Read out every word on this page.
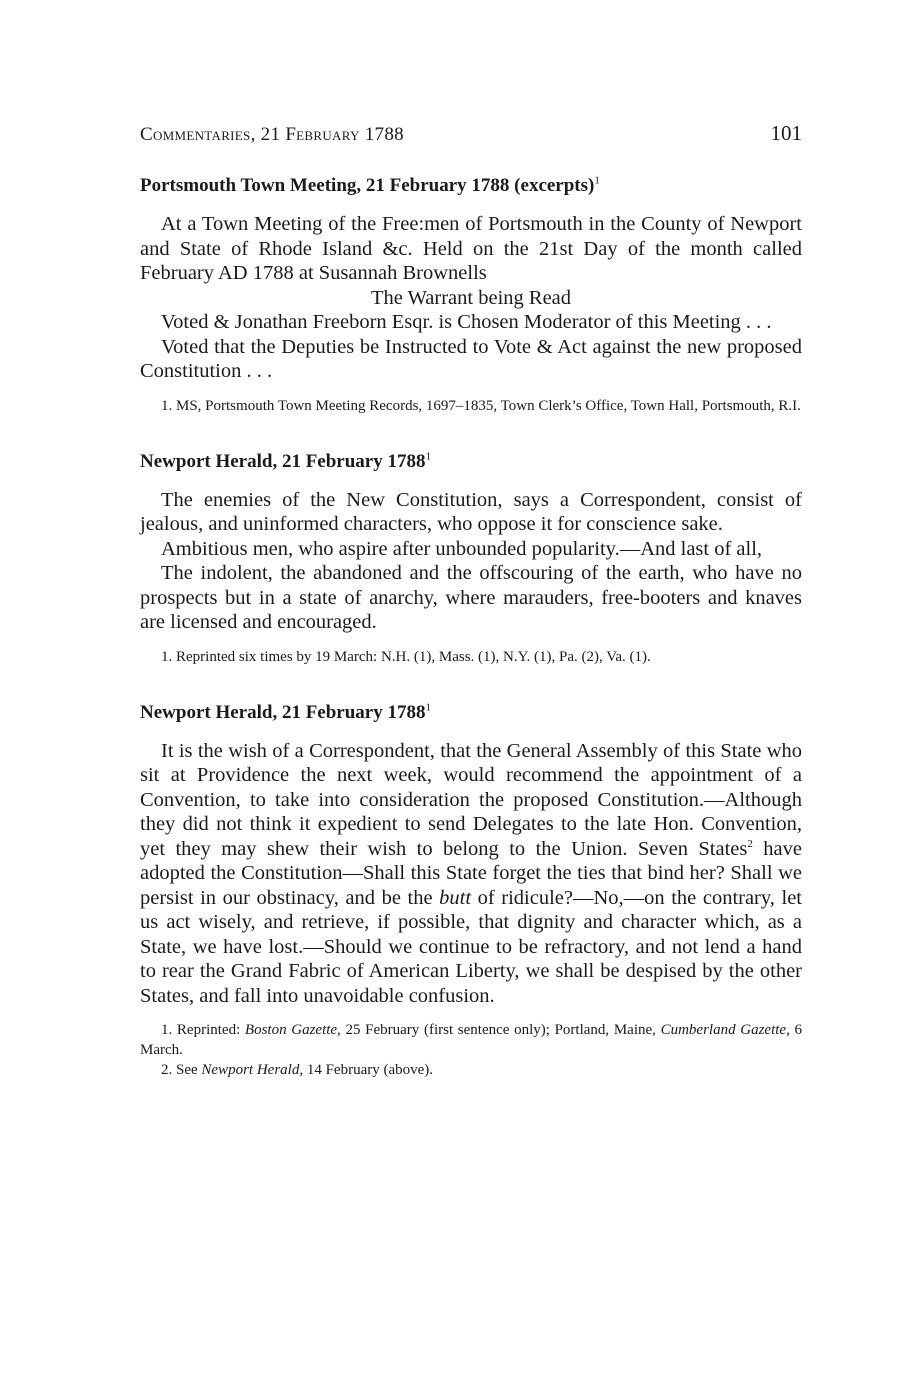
Commentaries, 21 February 1788	101
Portsmouth Town Meeting, 21 February 1788 (excerpts)$^1$

At a Town Meeting of the Free:men of Portsmouth in the County of Newport and State of Rhode Island &c. Held on the 21st Day of the month called February AD 1788 at Susannah Brownells

The Warrant being Read

Voted & Jonathan Freeborn Esqr. is Chosen Moderator of this Meeting . . .

Voted that the Deputies be Instructed to Vote & Act against the new proposed Constitution . . .

1. MS, Portsmouth Town Meeting Records, 1697–1835, Town Clerk’s Office, Town Hall, Portsmouth, R.I.

Newport Herald, 21 February 1788$^1$

The enemies of the New Constitution, says a Correspondent, consist of jealous, and uninformed characters, who oppose it for conscience sake.

Ambitious men, who aspire after unbounded popularity.—And last of all,

The indolent, the abandoned and the offscouring of the earth, who have no prospects but in a state of anarchy, where marauders, free-booters and knaves are licensed and encouraged.

1. Reprinted six times by 19 March: N.H. (1), Mass. (1), N.Y. (1), Pa. (2), Va. (1).

Newport Herald, 21 February 1788$^1$

It is the wish of a Correspondent, that the General Assembly of this State who sit at Providence the next week, would recommend the appointment of a Convention, to take into consideration the proposed Constitution.—Although they did not think it expedient to send Delegates to the late Hon. Convention, yet they may shew their wish to belong to the Union. Seven States$^2$ have adopted the Constitution—Shall this State forget the ties that bind her? Shall we persist in our obstinacy, and be the butt of ridicule?—No,—on the contrary, let us act wisely, and retrieve, if possible, that dignity and character which, as a State, we have lost.—Should we continue to be refractory, and not lend a hand to rear the Grand Fabric of American Liberty, we shall be despised by the other States, and fall into unavoidable confusion.

1. Reprinted: Boston Gazette, 25 February (first sentence only); Portland, Maine, Cumberland Gazette, 6 March.

2. See Newport Herald, 14 February (above).
